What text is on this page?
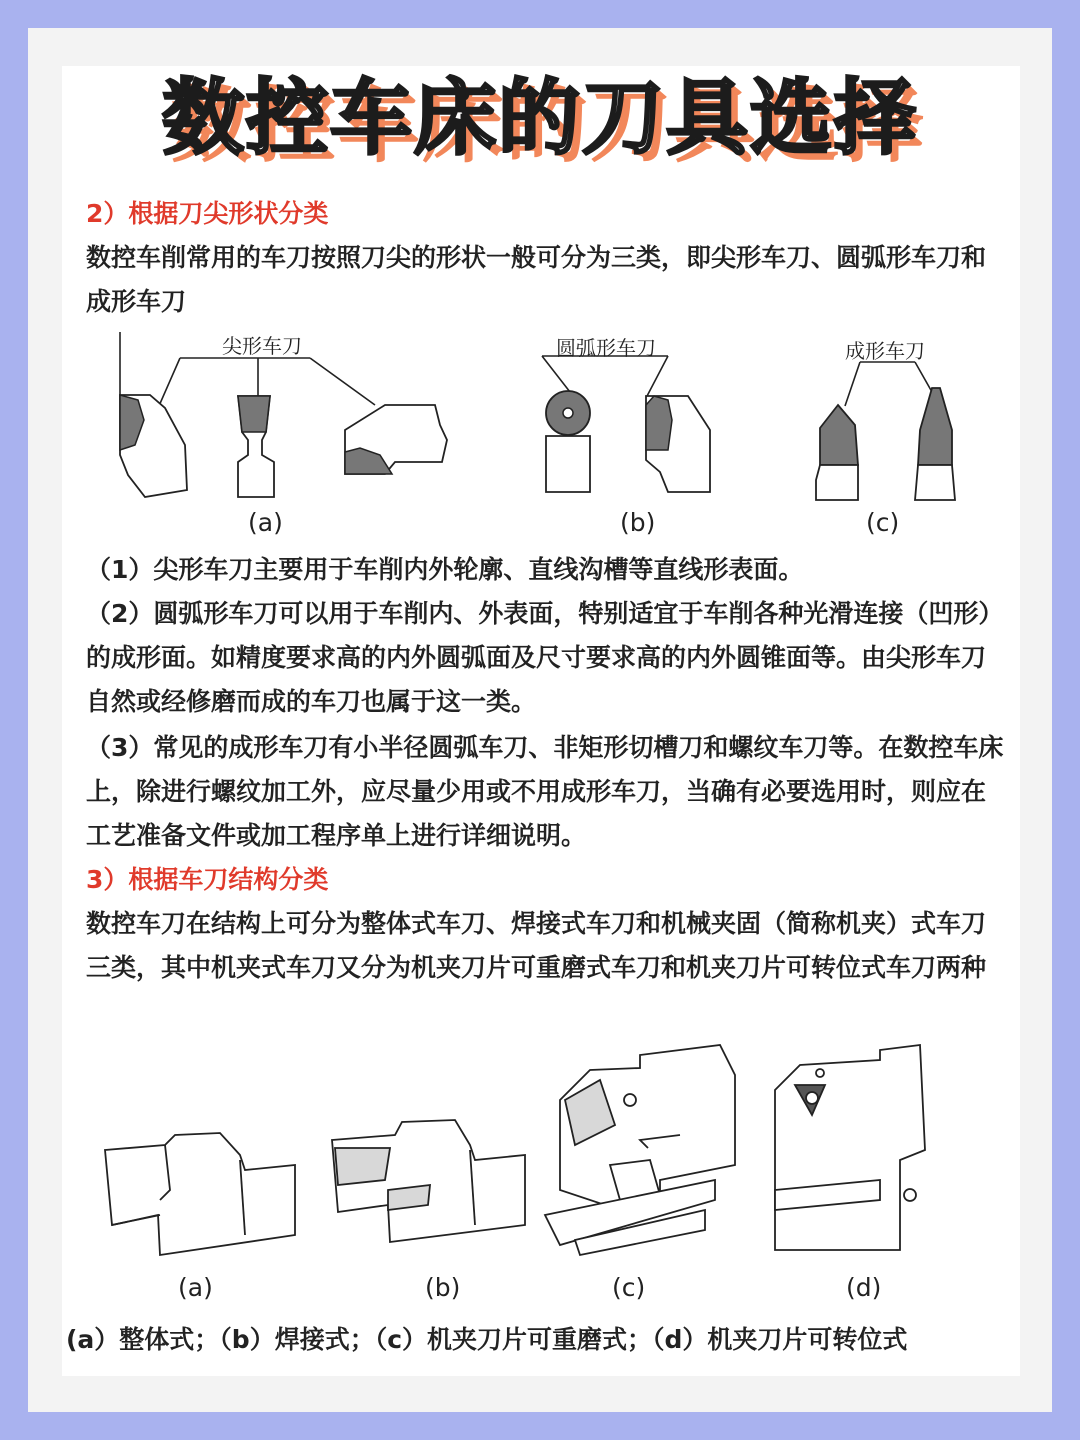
数控车床的刀具选择
2）根据刀尖形状分类
数控车削常用的车刀按照刀尖的形状一般可分为三类，即尖形车刀、圆弧形车刀和成形车刀
尖形车刀	圆弧形车刀	成形车刀
(a)	(b)	(c)
（1）尖形车刀主要用于车削内外轮廓、直线沟槽等直线形表面。
（2）圆弧形车刀可以用于车削内、外表面，特别适宜于车削各种光滑连接（凹形）的成形面。如精度要求高的内外圆弧面及尺寸要求高的内外圆锥面等。由尖形车刀自然或经修磨而成的车刀也属于这一类。
（3）常见的成形车刀有小半径圆弧车刀、非矩形切槽刀和螺纹车刀等。在数控车床上，除进行螺纹加工外，应尽量少用或不用成形车刀，当确有必要选用时，则应在工艺准备文件或加工程序单上进行详细说明。
3）根据车刀结构分类
数控车刀在结构上可分为整体式车刀、焊接式车刀和机械夹固（简称机夹）式车刀三类，其中机夹式车刀又分为机夹刀片可重磨式车刀和机夹刀片可转位式车刀两种
(a)	(b)	(c)	(d)
(a）整体式；（b）焊接式；（c）机夹刀片可重磨式；（d）机夹刀片可转位式
